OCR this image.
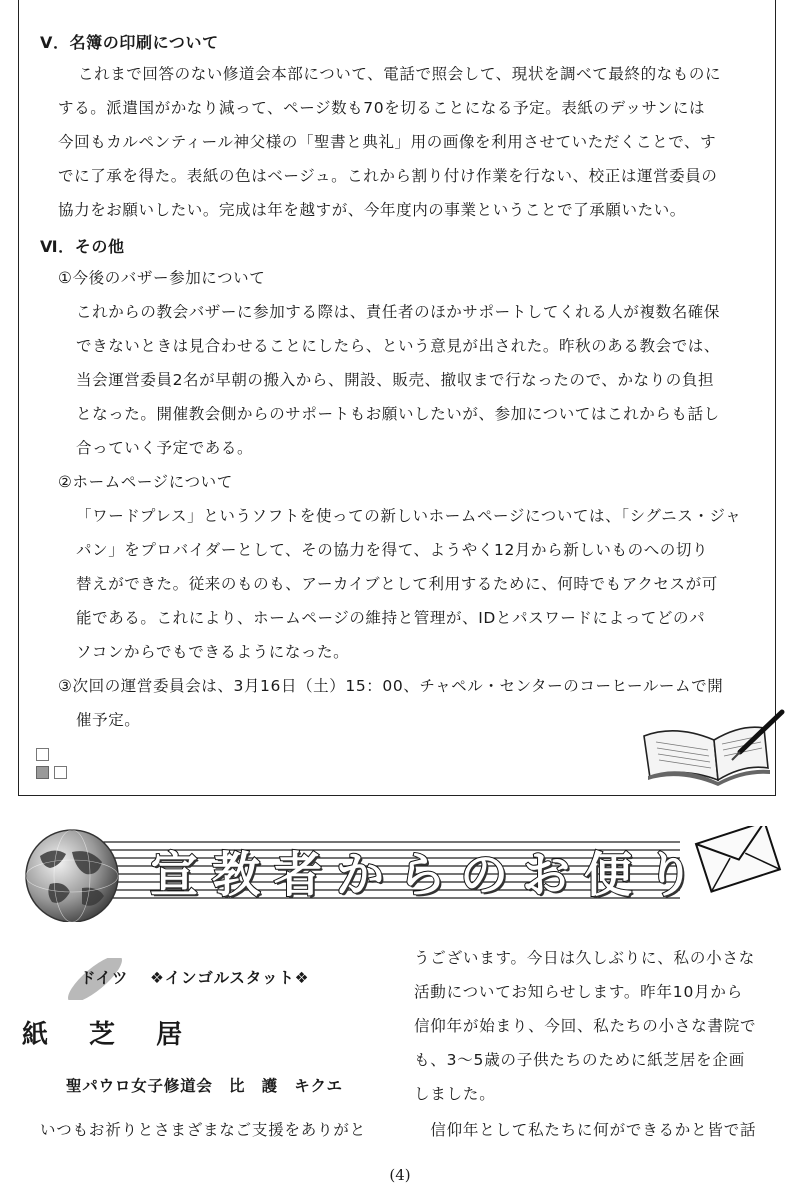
Ⅴ．名簿の印刷について
これまで回答のない修道会本部について、電話で照会して、現状を調べて最終的なものに
する。派遣国がかなり減って、ページ数も70を切ることになる予定。表紙のデッサンには
今回もカルペンティール神父様の「聖書と典礼」用の画像を利用させていただくことで、す
でに了承を得た。表紙の色はベージュ。これから割り付け作業を行ない、校正は運営委員の
協力をお願いしたい。完成は年を越すが、今年度内の事業ということで了承願いたい。
Ⅵ．その他
①今後のバザー参加について
これからの教会バザーに参加する際は、責任者のほかサポートしてくれる人が複数名確保
できないときは見合わせることにしたら、という意見が出された。昨秋のある教会では、
当会運営委員2名が早朝の搬入から、開設、販売、撤収まで行なったので、かなりの負担
となった。開催教会側からのサポートもお願いしたいが、参加についてはこれからも話し
合っていく予定である。
②ホームページについて
「ワードプレス」というソフトを使っての新しいホームページについては、「シグニス・ジャ
パン」をプロバイダーとして、その協力を得て、ようやく12月から新しいものへの切り
替えができた。従来のものも、アーカイブとして利用するために、何時でもアクセスが可
能である。これにより、ホームページの維持と管理が、IDとパスワードによってどのパ
ソコンからでもできるようになった。
③次回の運営委員会は、3月16日（土）15：00、チャペル・センターのコーヒールームで開
催予定。
宣教者からのお便り
ドイツ ❖インゴルスタット❖
紙 芝 居
聖パウロ女子修道会　比　護　キクエ
いつもお祈りとさまざまなご支援をありがと
うございます。今日は久しぶりに、私の小さな
活動についてお知らせします。昨年10月から
信仰年が始まり、今回、私たちの小さな書院で
も、3～5歳の子供たちのために紙芝居を企画
しました。
　信仰年として私たちに何ができるかと皆で話
(4)
